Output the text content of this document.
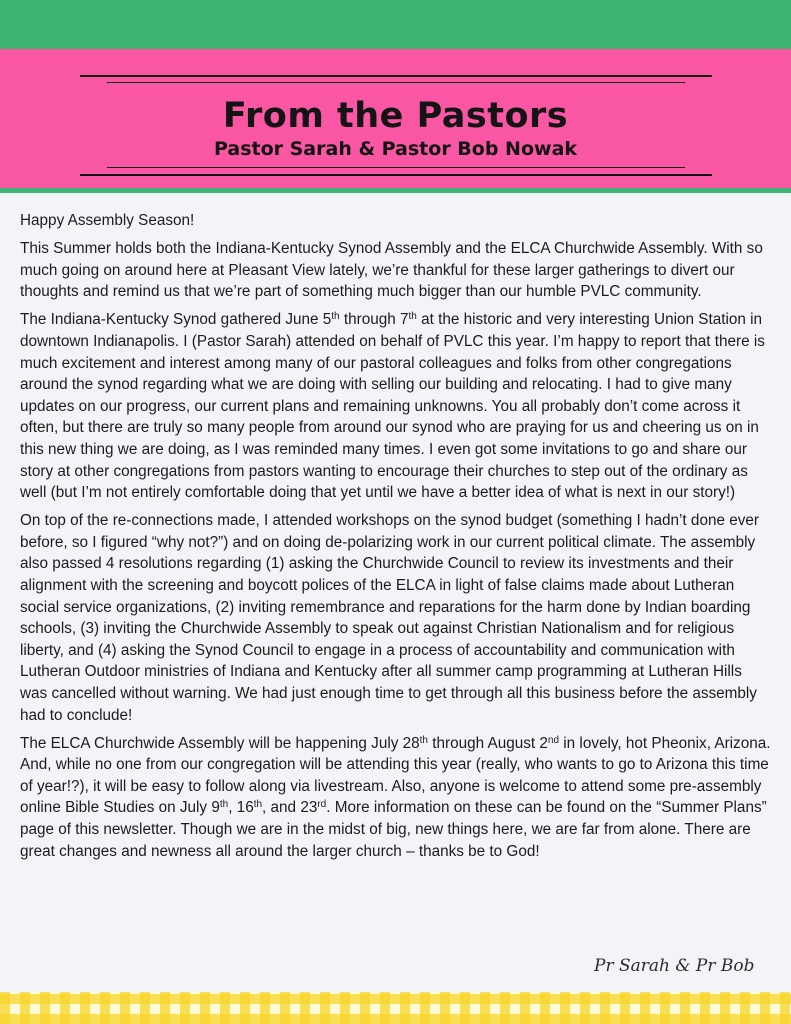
From the Pastors
Pastor Sarah & Pastor Bob Nowak

Happy Assembly Season!

This Summer holds both the Indiana-Kentucky Synod Assembly and the ELCA Churchwide Assembly. With so much going on around here at Pleasant View lately, we’re thankful for these larger gatherings to divert our thoughts and remind us that we’re part of something much bigger than our humble PVLC community.

The Indiana-Kentucky Synod gathered June 5th through 7th at the historic and very interesting Union Station in downtown Indianapolis. I (Pastor Sarah) attended on behalf of PVLC this year. I’m happy to report that there is much excitement and interest among many of our pastoral colleagues and folks from other congregations around the synod regarding what we are doing with selling our building and relocating. I had to give many updates on our progress, our current plans and remaining unknowns. You all probably don’t come across it often, but there are truly so many people from around our synod who are praying for us and cheering us on in this new thing we are doing, as I was reminded many times. I even got some invitations to go and share our story at other congregations from pastors wanting to encourage their churches to step out of the ordinary as well (but I’m not entirely comfortable doing that yet until we have a better idea of what is next in our story!)

On top of the re-connections made, I attended workshops on the synod budget (something I hadn’t done ever before, so I figured “why not?”) and on doing de-polarizing work in our current political climate. The assembly also passed 4 resolutions regarding (1) asking the Churchwide Council to review its investments and their alignment with the screening and boycott polices of the ELCA in light of false claims made about Lutheran social service organizations, (2) inviting remembrance and reparations for the harm done by Indian boarding schools, (3) inviting the Churchwide Assembly to speak out against Christian Nationalism and for religious liberty, and (4) asking the Synod Council to engage in a process of accountability and communication with Lutheran Outdoor ministries of Indiana and Kentucky after all summer camp programming at Lutheran Hills was cancelled without warning. We had just enough time to get through all this business before the assembly had to conclude!

The ELCA Churchwide Assembly will be happening July 28th through August 2nd in lovely, hot Pheonix, Arizona. And, while no one from our congregation will be attending this year (really, who wants to go to Arizona this time of year!?), it will be easy to follow along via livestream. Also, anyone is welcome to attend some pre-assembly online Bible Studies on July 9th, 16th, and 23rd. More information on these can be found on the “Summer Plans” page of this newsletter. Though we are in the midst of big, new things here, we are far from alone. There are great changes and newness all around the larger church – thanks be to God!

Pr Sarah & Pr Bob
